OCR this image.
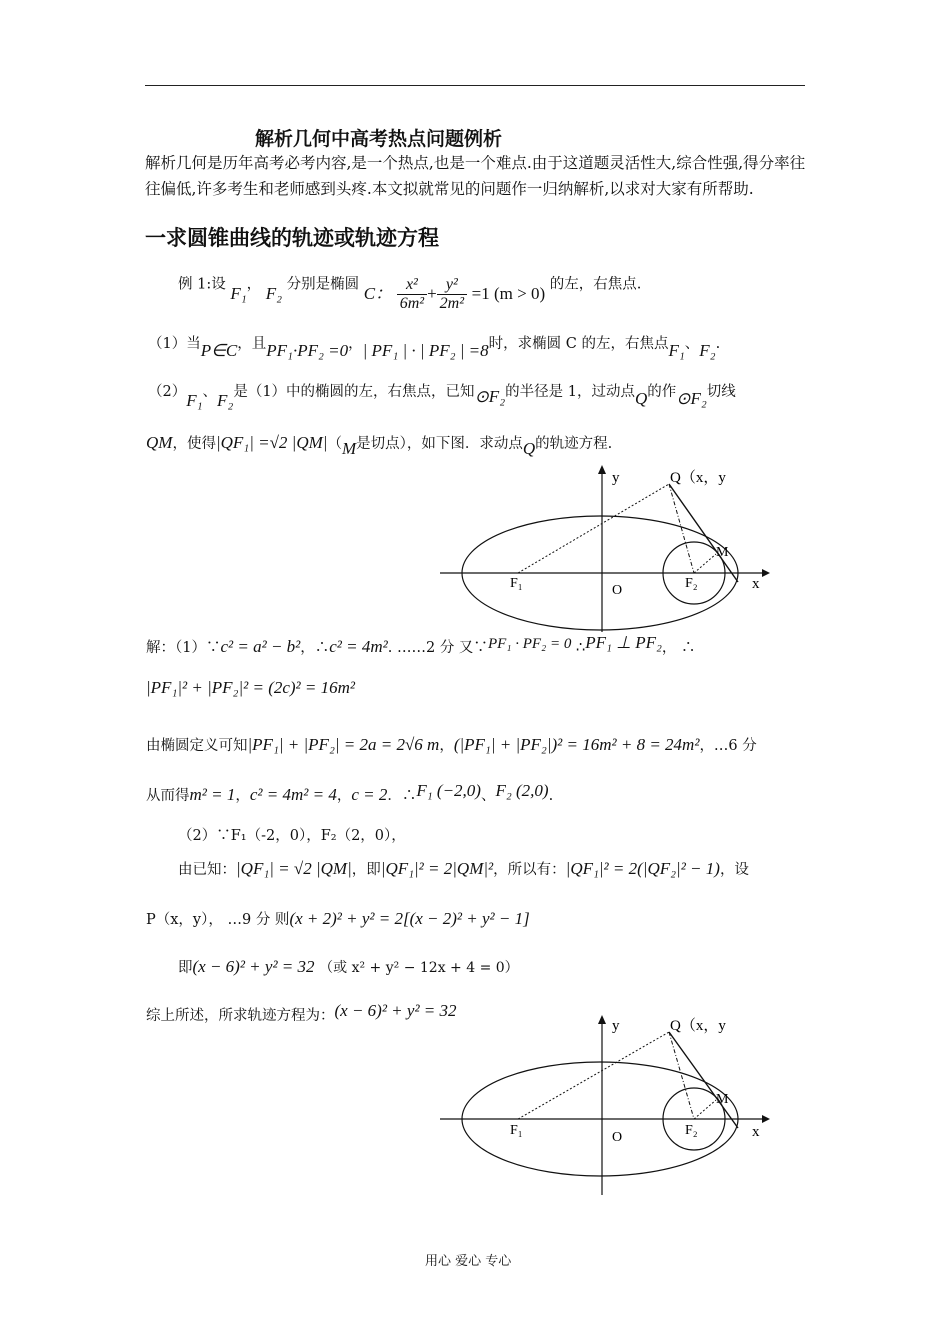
解析几何中高考热点问题例析
解析几何是历年高考必考内容,是一个热点,也是一个难点.由于这道题灵活性大,综合性强,得分率往往偏低,许多考生和老师感到头疼.本文拟就常见的问题作一归纳解析,以求对大家有所帮助.
一求圆锥曲线的轨迹或轨迹方程
例 1:设 F₁， F₂ 分别是椭圆 C： $\frac{\text{x²}}{\text{6m²}} + \frac{\text{y²}}{\text{2m²}} =1$ (m > 0) 的左，右焦点.
（1）当P∈C，且PF₁·PF₂ =0，| PF₁ | · | PF₂ | =8时，求椭圆 C 的左，右焦点F₁、F₂.
（2）F₁、F₂是（1）中的椭圆的左，右焦点，已知⊙F₂的半径是 1，过动点Q的作⊙F₂切线
QM，使得|QF₁| =√2 |QM|（M是切点），如下图．求动点Q的轨迹方程.
y
x
Q（x，y
M
F₁	O	F₂
解：（1）∵c² = a² − b²，∴c² = 4m². ……2 分 又∵PF₁ · PF₂ = 0 ∴PF₁ ⊥ PF₂， ∴
|PF₁|² + |PF₂|² = (2c)² = 16m²
由椭圆定义可知|PF₁| + |PF₂| = 2a = 2√6 m，(|PF₁| + |PF₂|)² = 16m² + 8 = 24m²，…6 分
从而得m² = 1，c² = 4m² = 4，c = 2．∴F₁ (−2,0)、F₂ (2,0).
（2）∵F₁（-2，0），F₂（2，0），
由已知：|QF₁| = √2 |QM|，即|QF₁|² = 2|QM|²，所以有：|QF₁|² = 2(|QF₂|² − 1)，设
P（x，y）， …9 分 则(x + 2)² + y² = 2[(x − 2)² + y² − 1]
即(x − 6)² + y² = 32 （或 x² + y² − 12x + 4 = 0）
综上所述，所求轨迹方程为：(x − 6)² + y² = 32
y
x
Q（x，y
M
F₁	O	F₂
用心 爱心 专心
